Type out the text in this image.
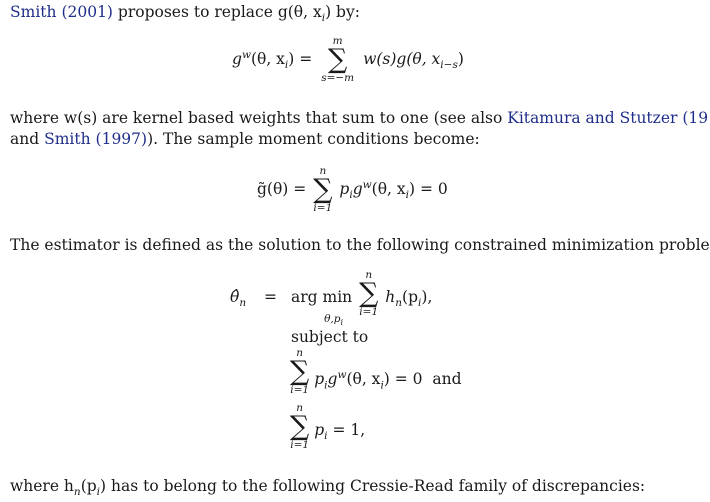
Smith (2001) proposes to replace g(θ, $x_i$) by:
$g^w(\theta$, $x_i$) =
m
∑
s=−m
w(s)g(θ, $x_{i-s}$)
where w(s) are kernel based weights that sum to one (see also Kitamura and Stutzer (19
and Smith (1997)). The sample moment conditions become:
g̃(θ) =
n
∑
i=1
$p_ig^w(\theta$, $x_i) = 0$
The estimator is defined as the solution to the following constrained minimization proble
$\thetâ_n$ = arg min
$\theta,p_i$
n
∑
i=1
$h_n(p_i)$,
subject to
n
∑
i=1
$p_ig^w(\theta$, $x_i) = 0$ and
n
∑
i=1
$p_i = 1$,
where $h_n(p_i)$ has to belong to the following Cressie-Read family of discrepancies:
